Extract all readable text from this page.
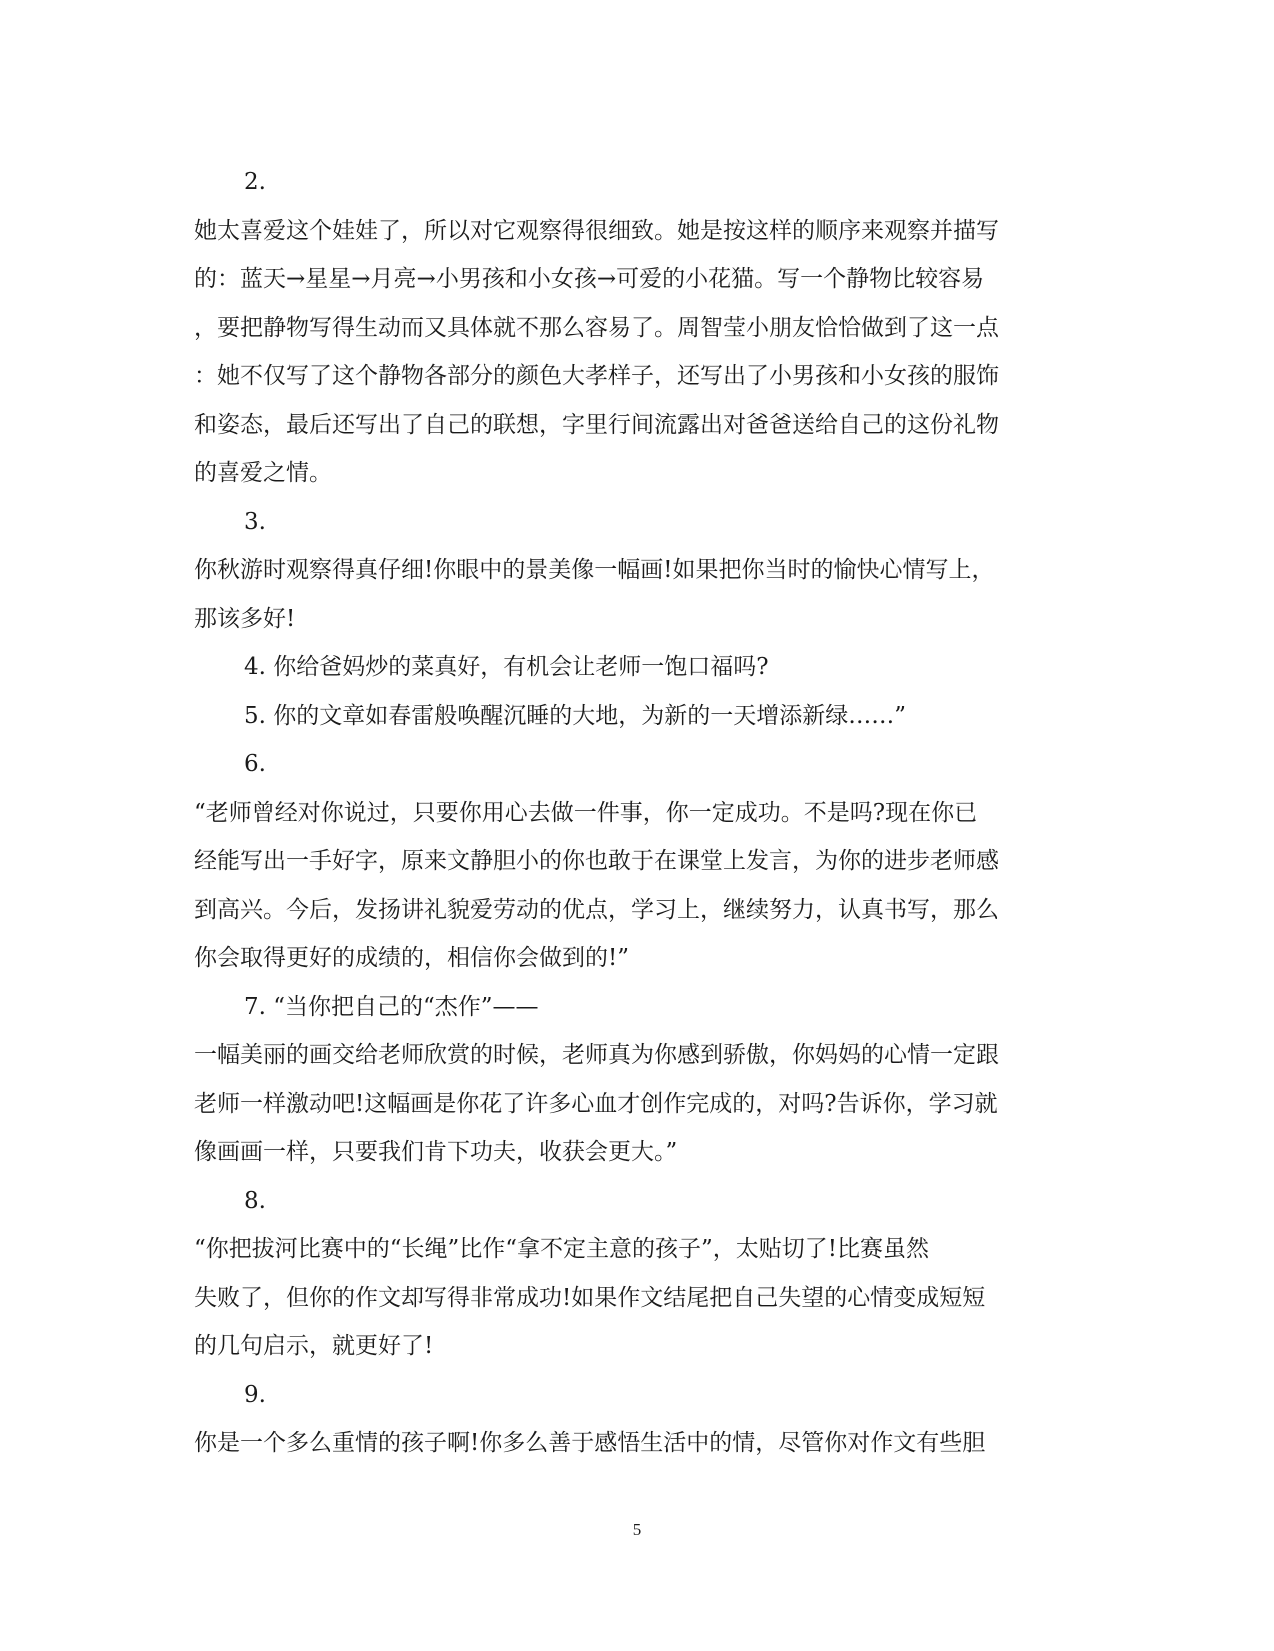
2.
她太喜爱这个娃娃了，所以对它观察得很细致。她是按这样的顺序来观察并描写
的：蓝天→星星→月亮→小男孩和小女孩→可爱的小花猫。写一个静物比较容易
，要把静物写得生动而又具体就不那么容易了。周智莹小朋友恰恰做到了这一点
：她不仅写了这个静物各部分的颜色大孝样子，还写出了小男孩和小女孩的服饰
和姿态，最后还写出了自己的联想，字里行间流露出对爸爸送给自己的这份礼物
的喜爱之情。
3.
你秋游时观察得真仔细!你眼中的景美像一幅画!如果把你当时的愉快心情写上，
那该多好!
4. 你给爸妈炒的菜真好，有机会让老师一饱口福吗?
5. 你的文章如春雷般唤醒沉睡的大地，为新的一天增添新绿……”
6.
“老师曾经对你说过，只要你用心去做一件事，你一定成功。不是吗?现在你已
经能写出一手好字，原来文静胆小的你也敢于在课堂上发言，为你的进步老师感
到高兴。今后，发扬讲礼貌爱劳动的优点，学习上，继续努力，认真书写，那么
你会取得更好的成绩的，相信你会做到的!”
7. “当你把自己的“杰作”——
一幅美丽的画交给老师欣赏的时候，老师真为你感到骄傲，你妈妈的心情一定跟
老师一样激动吧!这幅画是你花了许多心血才创作完成的，对吗?告诉你，学习就
像画画一样，只要我们肯下功夫，收获会更大。”
8.
“你把拔河比赛中的“长绳”比作“拿不定主意的孩子”，太贴切了!比赛虽然
失败了，但你的作文却写得非常成功!如果作文结尾把自己失望的心情变成短短
的几句启示，就更好了!
9.
你是一个多么重情的孩子啊!你多么善于感悟生活中的情，尽管你对作文有些胆
5
